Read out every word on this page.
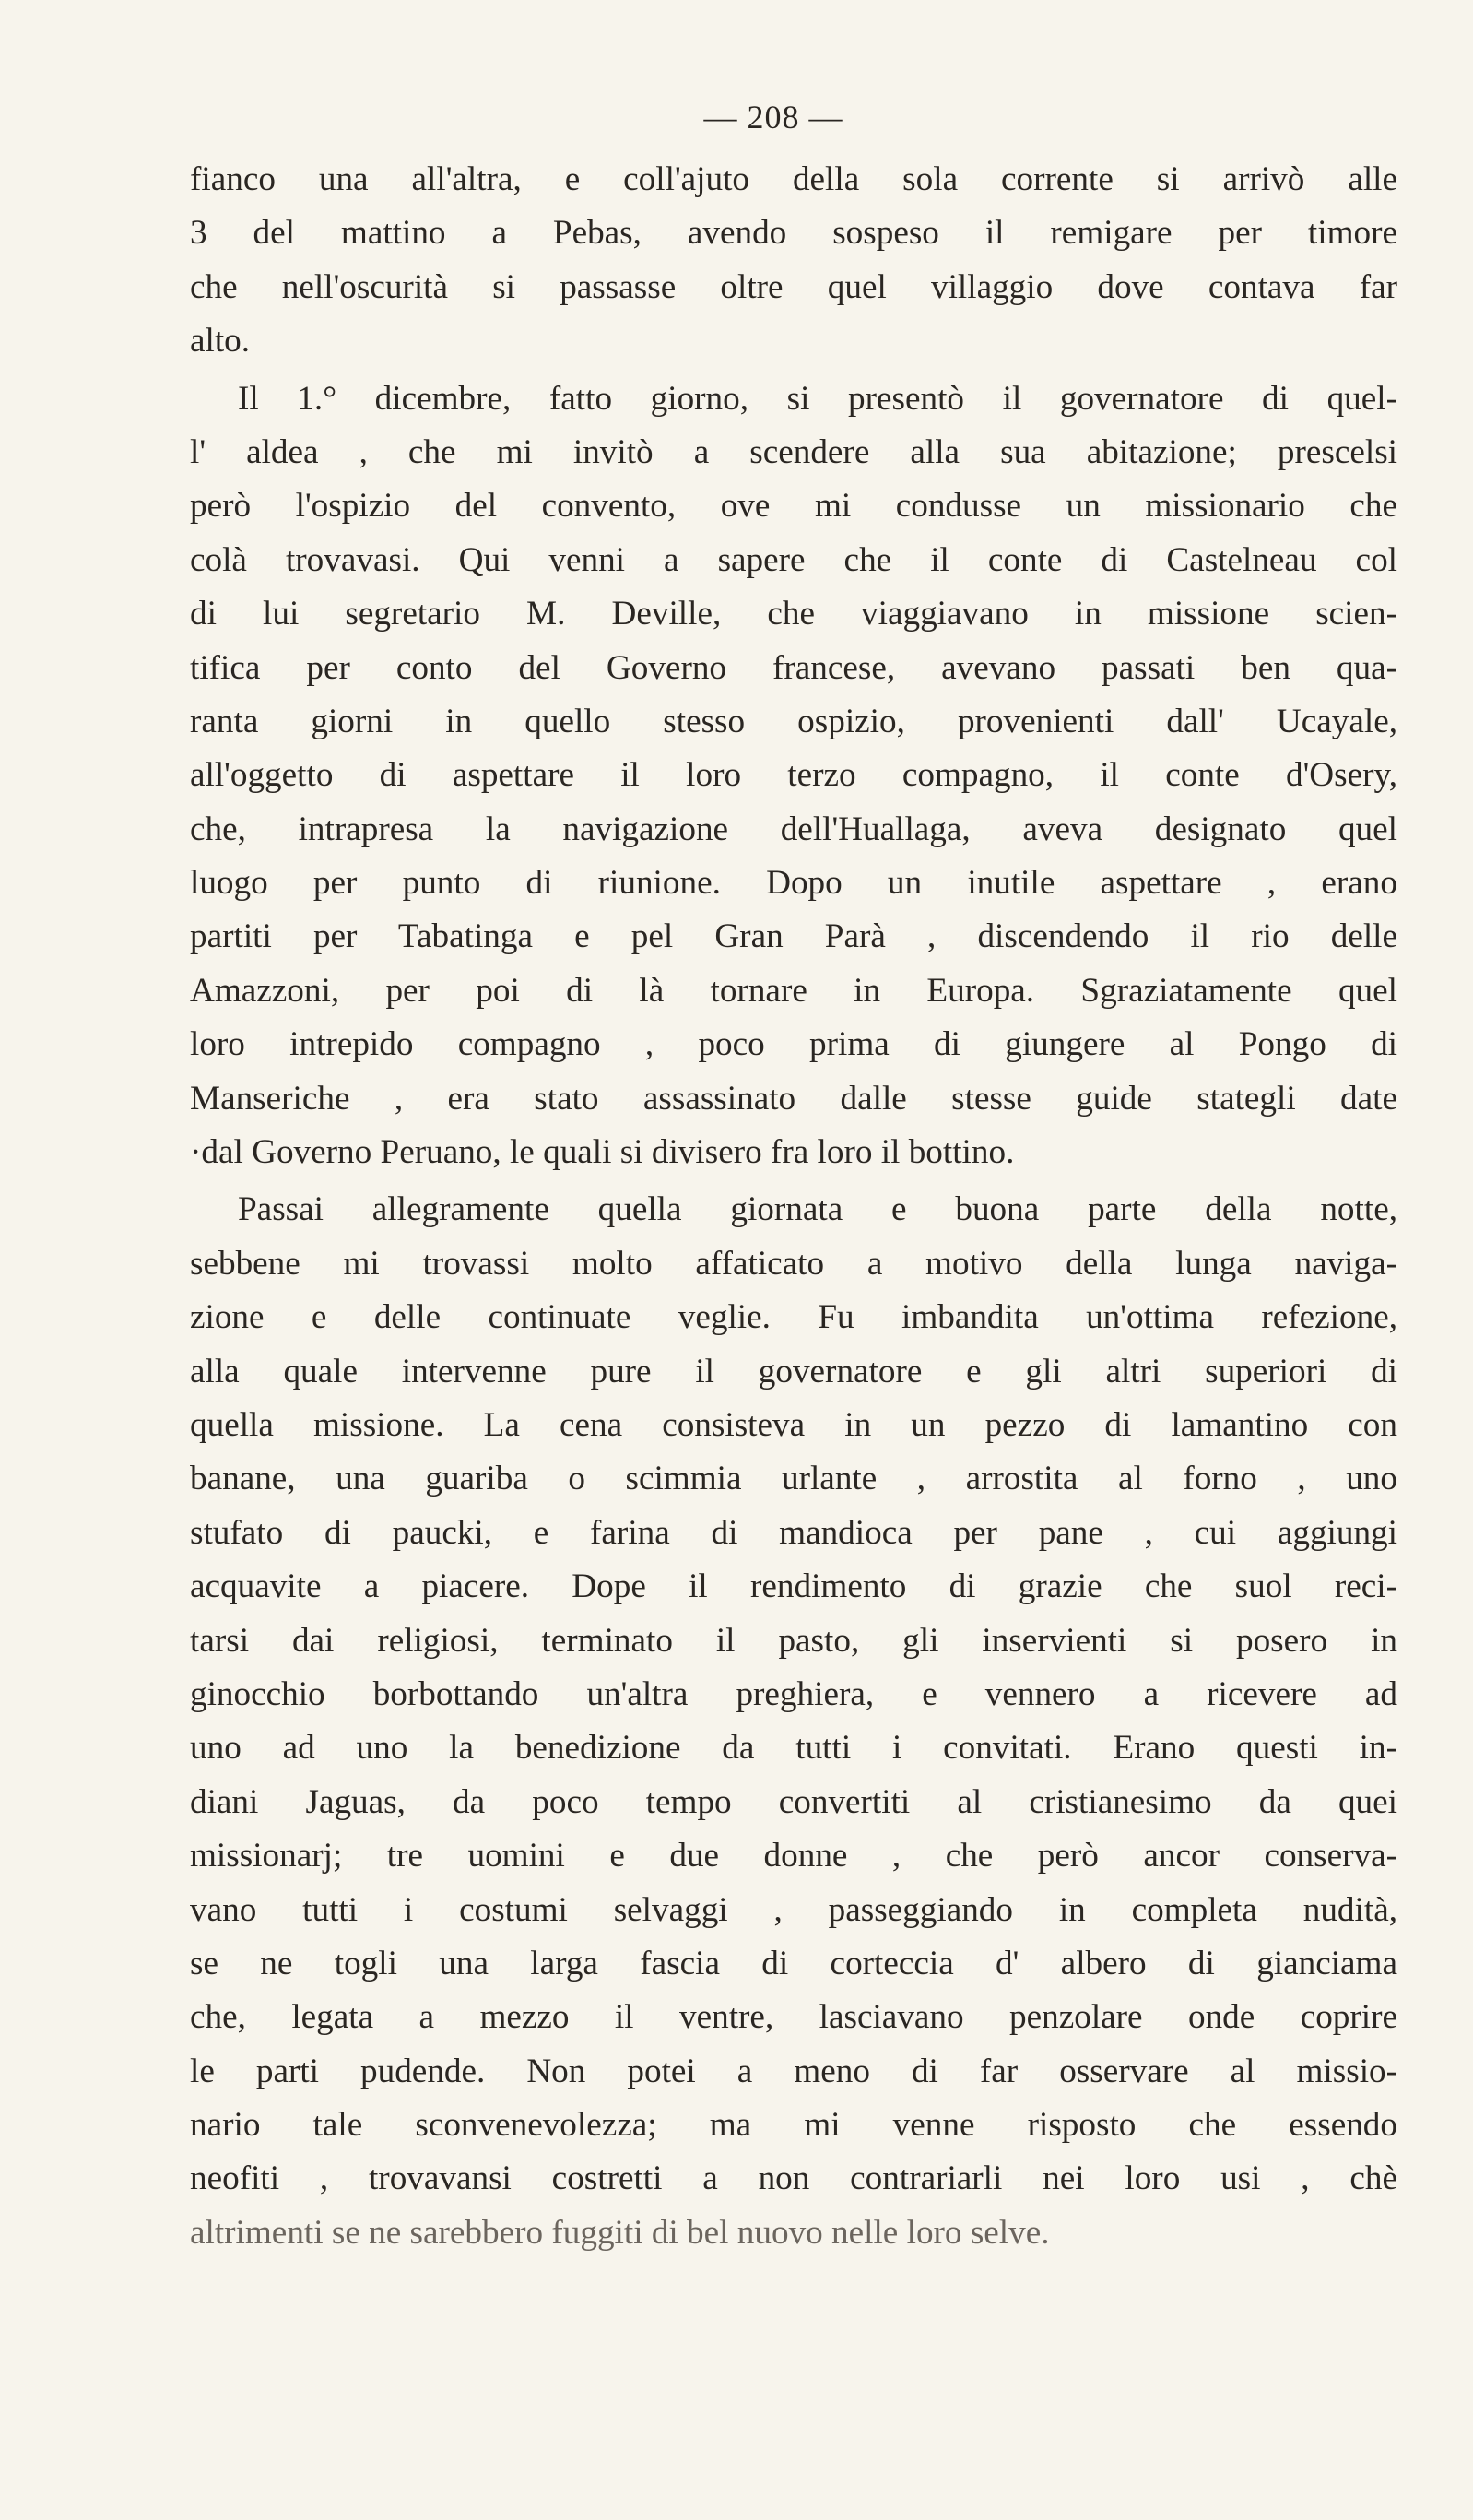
— 208 —
fianco una all'altra, e coll'ajuto della sola corrente si arrivò alle
3 del mattino a Pebas, avendo sospeso il remigare per timore
che nell'oscurità si passasse oltre quel villaggio dove contava far
alto.
Il 1.° dicembre, fatto giorno, si presentò il governatore di quel-
l' aldea , che mi invitò a scendere alla sua abitazione; prescelsi
però l'ospizio del convento, ove mi condusse un missionario che
colà trovavasi. Qui venni a sapere che il conte di Castelneau col
di lui segretario M. Deville, che viaggiavano in missione scien-
tifica per conto del Governo francese, avevano passati ben qua-
ranta giorni in quello stesso ospizio, provenienti dall' Ucayale,
all'oggetto di aspettare il loro terzo compagno, il conte d'Osery,
che, intrapresa la navigazione dell'Huallaga, aveva designato quel
luogo per punto di riunione. Dopo un inutile aspettare , erano
partiti per Tabatinga e pel Gran Parà , discendendo il rio delle
Amazzoni, per poi di là tornare in Europa. Sgraziatamente quel
loro intrepido compagno , poco prima di giungere al Pongo di
Manseriche , era stato assassinato dalle stesse guide stategli date
·dal Governo Peruano, le quali si divisero fra loro il bottino.
Passai allegramente quella giornata e buona parte della notte,
sebbene mi trovassi molto affaticato a motivo della lunga naviga-
zione e delle continuate veglie. Fu imbandita un'ottima refezione,
alla quale intervenne pure il governatore e gli altri superiori di
quella missione. La cena consisteva in un pezzo di lamantino con
banane, una guariba o scimmia urlante , arrostita al forno , uno
stufato di paucki, e farina di mandioca per pane , cui aggiungi
acquavite a piacere. Dope il rendimento di grazie che suol reci-
tarsi dai religiosi, terminato il pasto, gli inservienti si posero in
ginocchio borbottando un'altra preghiera, e vennero a ricevere ad
uno ad uno la benedizione da tutti i convitati. Erano questi in-
diani Jaguas, da poco tempo convertiti al cristianesimo da quei
missionarj; tre uomini e due donne , che però ancor conserva-
vano tutti i costumi selvaggi , passeggiando in completa nudità,
se ne togli una larga fascia di corteccia d' albero di gianciama
che, legata a mezzo il ventre, lasciavano penzolare onde coprire
le parti pudende. Non potei a meno di far osservare al missio-
nario tale sconvenevolezza; ma mi venne risposto che essendo
neofiti , trovavansi costretti a non contrariarli nei loro usi , chè
altrimenti se ne sarebbero fuggiti di bel nuovo nelle loro selve.
